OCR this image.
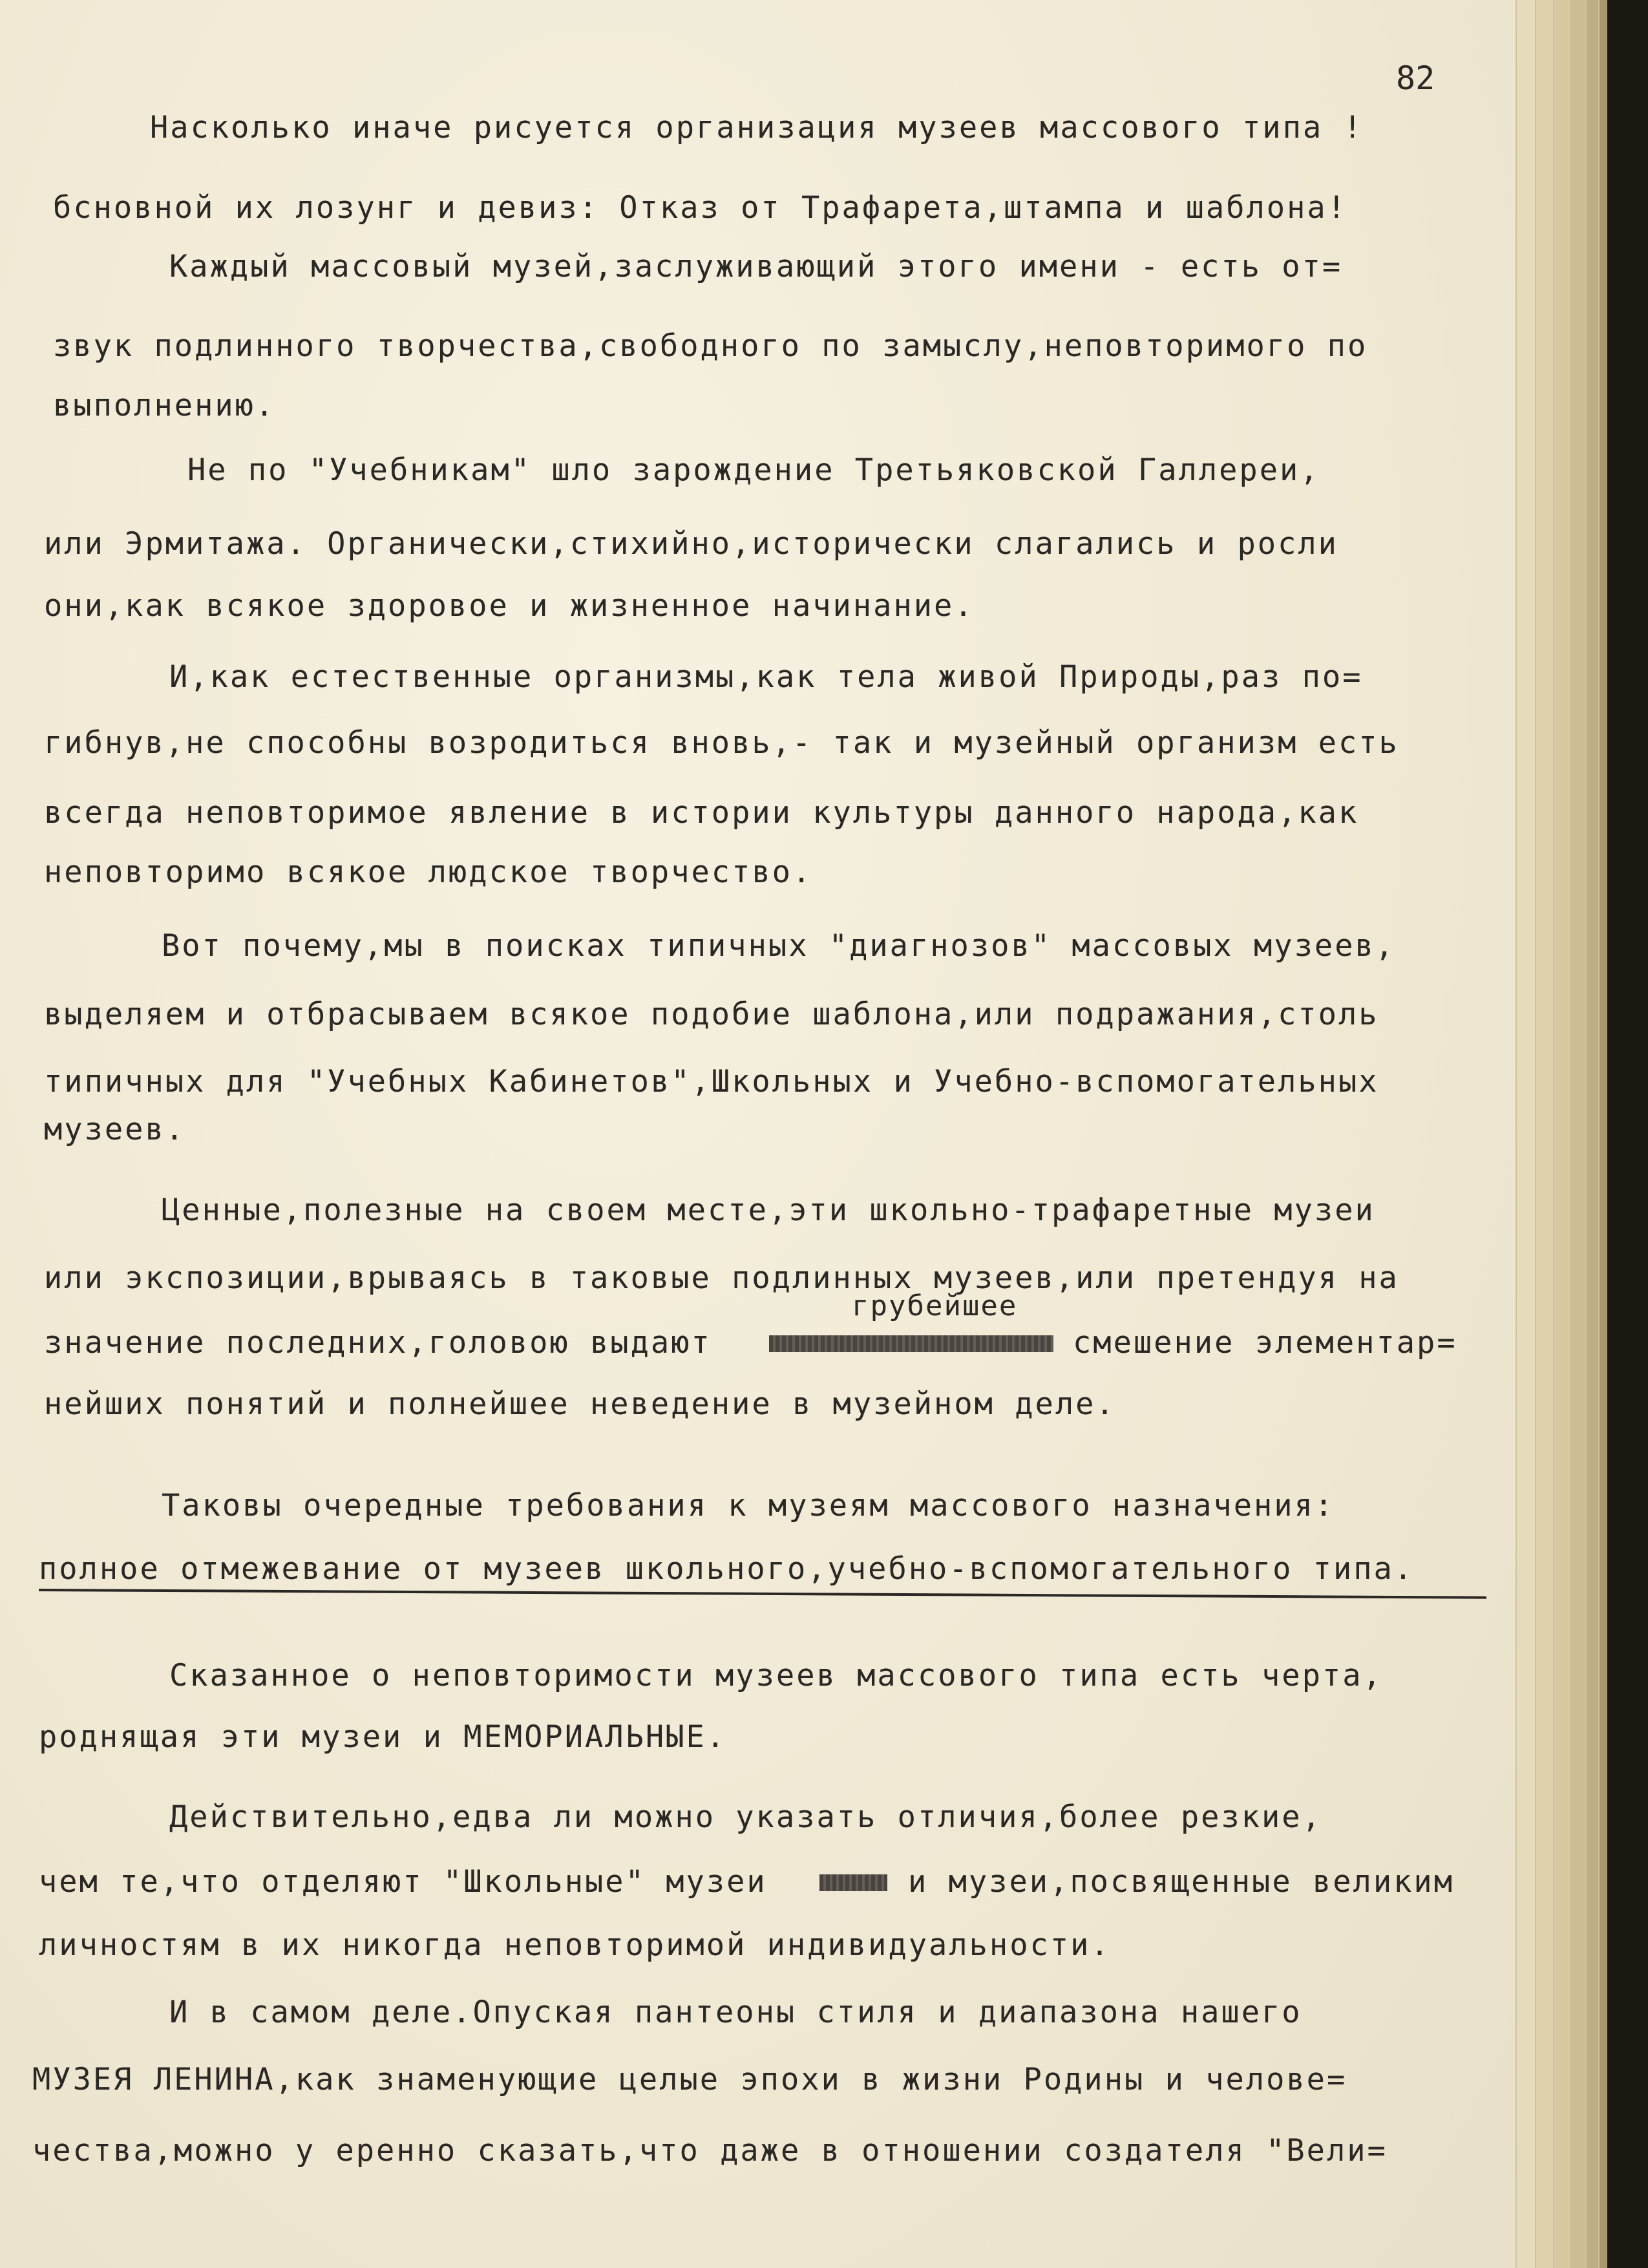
82

Насколько иначе рисуется организация музеев массового типа !

бсновной их лозунг и девиз: Отказ от Трафарета,штампа и шаблона!

Каждый массовый музей,заслуживающий этого имени - есть от=

звук подлинного творчества,свободного по замыслу,неповторимого по

выполнению.

Не по "Учебникам" шло зарождение Третьяковской Галлереи,

или Эрмитажа. Органически,стихийно,исторически слагались и росли

они,как всякое здоровое и жизненное начинание.

И,как естественные организмы,как тела живой Природы,раз по=

гибнув,не способны возродиться вновь,- так и музейный организм есть

всегда неповторимое явление в истории культуры данного народа,как

неповторимо всякое людское творчество.

Вот почему,мы в поисках типичных "диагнозов" массовых музеев,

выделяем и отбрасываем всякое подобие шаблона,или подражания,столь

типичных для "Учебных Кабинетов",Школьных и Учебно-вспомогательных

музеев.

Ценные,полезные на своем месте,эти школьно-трафаретные музеи

или экспозиции,врываясь в таковые подлинных музеев,или претендуя на

значение последних,головою выдают

	смешение элементар=

нейших понятий и полнейшее неведение в музейном деле.

Таковы очередные требования к музеям массового назначения:

полное отмежевание от музеев школьного,учебно-вспомогательного типа.

Сказанное о неповторимости музеев массового типа есть черта,

роднящая эти музеи и МЕМОРИАЛЬНЫЕ.

Действительно,едва ли можно указать отличия,более резкие,

чем те,что отделяют "Школьные" музеи

	и музеи,посвященные великим

личностям в их никогда неповторимой индивидуальности.

И в самом деле.Опуская пантеоны стиля и диапазона нашего

МУЗЕЯ ЛЕНИНА,как знаменующие целые эпохи в жизни Родины и челове=

чества,можно у еренно сказать,что даже в отношении создателя "Вели=

грубейшее
